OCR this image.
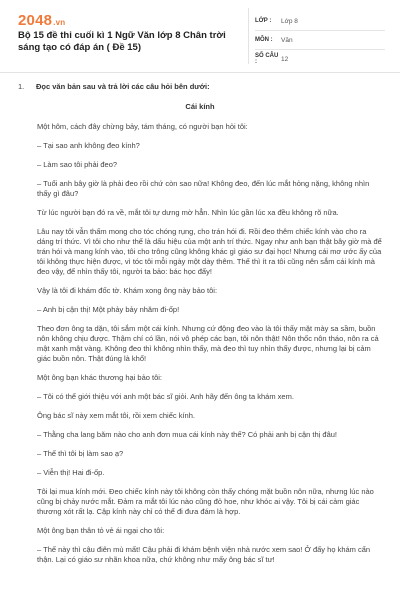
2048.vn
Bộ 15 đề thi cuối kì 1 Ngữ Văn lớp 8 Chân trời sáng tạo có đáp án ( Đề 15)
LỚP :	Lớp 8
MÔN :	Văn
SỐ CÂU :	12
1. Đọc văn bản sau và trả lời các câu hỏi bên dưới:
Cái kính

Một hôm, cách đây chừng bảy, tám tháng, có người bạn hỏi tôi:

– Tại sao anh không đeo kính?

– Làm sao tôi phải đeo?

– Tuổi anh bây giờ là phải đeo rồi chứ còn sao nữa! Không đeo, đến lúc mắt hỏng nặng, không nhìn thấy gì đâu?

Từ lúc người bạn đó ra về, mắt tôi tự dưng mờ hẳn. Nhìn lúc gần lúc xa đều không rõ nữa.

Lâu nay tôi vẫn thấm mong cho tóc chóng rụng, cho trán hói đi. Rồi đeo thêm chiếc kính vào cho ra dáng trí thức. Vì tôi cho như thế là dấu hiệu của một anh trí thức. Ngay như anh bạn thật bây giờ mà để trán hói và mang kính vào, tôi cho trông cũng không khác gì giáo sư đại học! Nhưng cái mơ ước ấy của tôi không thực hiện được, vì tóc tôi mỗi ngày một dày thêm. Thế thì ít ra tôi cũng nên sắm cái kính mà đeo vậy, để nhìn thấy tôi, người ta bảo: bác học đấy!

Vậy là tôi đi khám đốc tờ. Khám xong ông này bảo tôi:

– Anh bị cận thị! Một phảy bảy nhăm đi-ốp!

Theo đơn ông ta dặn, tôi sắm một cái kính. Nhưng cứ động đeo vào là tôi thấy mặt mày sa sầm, buồn nôn không chịu được. Thậm chí có lần, nói vô phép các bạn, tôi nôn thật! Nôn thốc nôn tháo, nôn ra cả mật xanh mật vàng. Không đeo thì không nhìn thấy, mà đeo thì tuy nhìn thấy được, nhưng lại bị cảm giác buồn nôn. Thật đúng là khổ!

Một ông bạn khác thương hại bảo tôi:

– Tôi có thể giới thiệu với anh một bác sĩ giỏi. Anh hãy đến ông ta khám xem.

Ông bác sĩ này xem mắt tôi, rồi xem chiếc kính.

– Thằng cha lang băm nào cho anh đơn mua cái kính này thế? Có phải anh bị cận thị đâu!

– Thế thì tôi bị làm sao ạ?

– Viễn thị! Hai đi-ốp.

Tôi lại mua kính mới. Đeo chiếc kính này tôi không còn thấy chóng mặt buồn nôn nữa, nhưng lúc nào cũng bị chảy nước mắt. Đảm ra mắt tôi lúc nào cũng đỏ hoe, như khóc ai vậy. Tôi bị cái cảm giác thương xót rất lạ. Cập kính này chỉ có thể đi đưa đám là hợp.

Một ông bạn thân tỏ vẻ ái ngại cho tôi:

– Thế này thì cậu điên mù mất! Cậu phải đi khám bệnh viện nhà nước xem sao! Ở đấy họ khám cẩn thận. Lại có giáo sư nhãn khoa nữa, chứ không như mấy ông bác sĩ tư!
